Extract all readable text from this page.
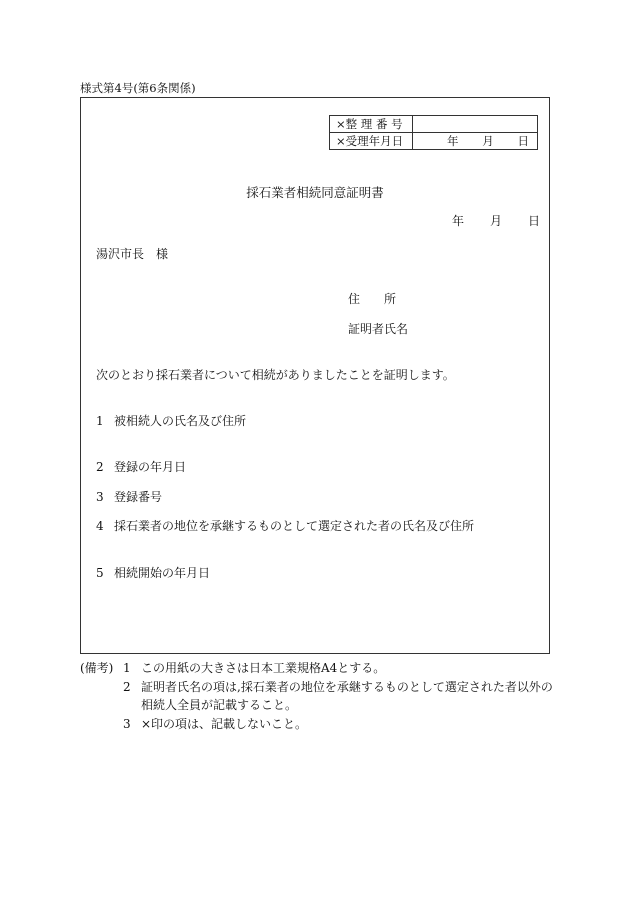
様式第4号(第6条関係)
×整 理 番 号	
×受理年月日	年 月 日
採石業者相続同意証明書
年 月 日
湯沢市長　様
住　　所
証明者氏名
次のとおり採石業者について相続がありましたことを証明します。
1 被相続人の氏名及び住所
2 登録の年月日
3 登録番号
4 採石業者の地位を承継するものとして選定された者の氏名及び住所
5 相続開始の年月日
(備考) 1 この用紙の大きさは日本工業規格A4とする。
2 証明者氏名の項は,採石業者の地位を承継するものとして選定された者以外の
相続人全員が記載すること。
3 ×印の項は、記載しないこと。
